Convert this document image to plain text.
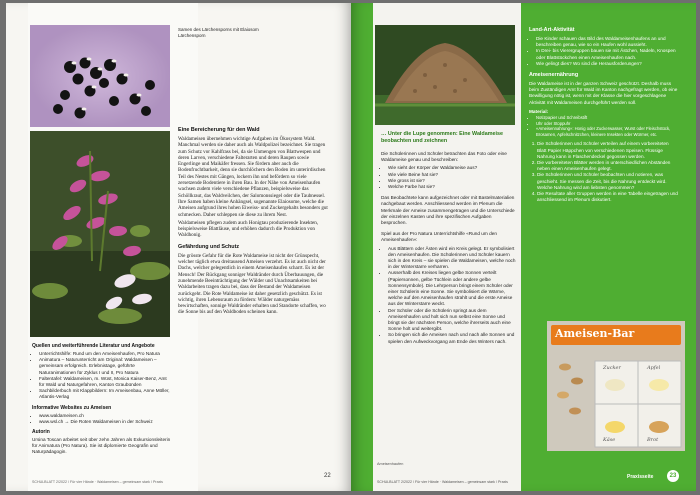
Samen des Lärchensporns mit Elaiosom
Lärchensporn
Eine Bereicherung für den Wald

Waldameisen übernehmen wichtige Aufgaben im Ökosystem Wald. Manchmal werden sie daher auch als Waldpolizei bezeichnet. Sie tragen zum Schutz vor Kahlfrass bei, da sie Unmengen von Blattwespen und deren Larven, verschiedene Falterarten und deren Raupen sowie Engerlinge und Maikäfer fressen. Sie fördern aber auch die Bodenfruchtbarkeit, denn sie durchlöchern den Boden im unterirdischen Teil des Nestes mit Gängen, lockern ihn und befördern so viele zersetzende Bodentiere in ihren Bau. In der Nähe von Ameisenhaufen wachsen zudem viele verschiedene Pflanzen, beispielsweise das Schöllkraut, das Waldveilchen, der Salomonssiegel oder die Taubnessel. Ihre Samen haben kleine Anhängsel, sogenannte Elaiosome, welche die Ameisen aufgrund ihres hohen Eiweiss- und Zuckergehalts besonders gut schmecken. Daher schleppen sie diese zu ihrem Nest.

Waldameisen pflegen zudem auch Honigtau produzierende Insekten, beispielsweise Blattläuse, und erhöhen dadurch die Produktion von Waldhonig.

Gefährdung und Schutz

Die grösste Gefahr für die Rote Waldameise ist nicht der Grünspecht, welcher täglich etwa dreitausend Ameisen verzehrt. Es ist auch nicht der Dachs, welcher gelegentlich in einem Ameisenhaufen scharrt. Es ist der Mensch! Der Rückgang sonniger Waldränder durch Überbauungen, die zunehmende Beeinträchtigung der Wälder und Unachtsamkeiten bei Waldarbeiten tragen dazu bei, dass der Bestand der Waldameisen zurückgeht. Die Rote Waldameise ist daher gesetzlich geschützt. Es ist wichtig, ihren Lebensraum zu fördern: Wälder naturgemäss bewirtschaften, sonnige Waldränder erhalten und Standorte schaffen, wo die Sonne bis auf den Waldboden scheinen kann.

Quellen und weiterführende Literatur und Angebote
• Unterrichtshilfe: Rund um den Ameisenhaufen, Pro Natura
• Animatura – Naturunterricht am Original: Waldameisen – gemeinsam erfolgreich. Erlebnistage, geführte Naturanimationen für Zyklus I und II, Pro Natura
• Faltentafel: Waldameisen, m. Wüst, Monica Kaiser-Benz, Amt für Wald und Naturgefahren, Kanton Graubünden
• Sachbilderbuch mit Klappbildern: Im Ameisenbau, Anne Möller, Atlantis-Verlag
Informative Websites zu Ameisen
• www.waldameisen.ch
• www.wsl.ch → Die Roten Waldameisen in der Schweiz
Autorin
Ursina Toscan arbeitet seit über zehn Jahren als Exkursionsleiterin für Animatura (Pro Natura). Sie ist diplomierte Geografin und Naturpädagogin.
SCHULBLATT 2/2022 / Für vier Hände · Waldameisen – gemeinsam stark / Praxis
22
… Unter die Lupe genommen: Eine Waldameise beobachten und zeichnen

Die Schülerinnen und Schüler betrachten das Foto oder eine Waldameise genau und beschreiben:

• Wie sieht der Körper der Waldameise aus?
• Wie viele Beine hat sie?
• Wie gross ist sie?
• Welche Farbe hat sie?

Das Beobachtete kann aufgezeichnet oder mit Bastelmaterialien nachgebaut werden. Anschliessend werden im Plenum die Merkmale der Ameise zusammengetragen und die Unterschiede der einzelnen Kasten und ihre spezifischen Aufgaben besprochen.

Spiel aus der Pro Natura Unterrichtshilfe «Rund um den Ameisenhaufen»:

• Aus Blättern oder Ästen wird ein Kreis gelegt. Er symbolisiert den Ameisenhaufen. Die Schülerinnen und Schüler kauern sich in den Kreis – sie spielen die Waldameisen, welche noch in der Winterstarre verharren.
• Ausserhalb des Kreises liegen gelbe Sonnen verteilt (Papiersonnen, gelbe Tüchlein oder andere gelbe Sonnensymbole). Die Lehrperson bringt einem Schüler oder einer Schülerin eine Sonne. Sie symbolisiert die Wärme, welche auf den Ameisenhaufen strahlt und die erste Ameise aus der Winterstarre weckt.
• Der Schüler oder die Schülerin springt aus dem Ameisenhaufen und holt sich nun selbst eine Sonne und bringt sie der nächsten Person, welche ihrerseits auch eine Sonne holt und weitergibt.
• So bringen sich die Ameisen nach und nach alle Sonnen und spielen den Aufweckvorgang am Ende des Winters nach.
Ameisenhaufen
SCHULBLATT 2/2022 / Für vier Hände · Waldameisen – gemeinsam stark / Praxis
Land-Art-Aktivität
• Die Kinder schauen das Bild des Waldameisenhaufens an und beschreiben genau, wie so ein Haufen wohl aussieht.
• In Drei- bis Vierergruppen bauen sie mit Ästchen, Nadeln, Knospen oder Blattstückchen einen Ameisenhaufen nach.
• Wie gelingt dies? Wo sind die Herausforderungen?
Ameisenernährung

Die Waldameise ist in der ganzen Schweiz geschützt. Deshalb muss beim Zuständigen Amt für Wald im Kanton nachgefragt werden, ob eine Bewilligung nötig ist, wenn mit der Klasse die hier vorgeschlagene Aktivität mit Waldameisen durchgeführt werden soll.

Material:
• Notizpapier und Schreibstift
• Uhr oder Stoppuhr
• «Ameisennahrung»: Honig oder Zuckerwasser, Wurst oder Fleischstück, Brosamen, Apfelschnitzchen, kleinere Insekten oder Würmer, etc.
1. Die Schülerinnen und Schüler verteilen auf einem vorbereiteten Blatt Papier Häppchen von verschiedenen Speisen. Flüssige Nahrung kann in Flaschendeckel gegossen werden.
2. Die vorbereiteten Blätter werden in unterschiedlichen Abständen neben einen Ameisenhaufen gelegt.
3. Die Schülerinnen und Schüler beobachten und notieren, was geschieht. Sie messen die Zeit, bis die Nahrung entdeckt wird. Welche Nahrung wird am liebsten genommen?
4. Die Resultate aller Gruppen werden in eine Tabelle eingetragen und anschliessend im Plenum diskutiert.
Ameisen-Bar
Zucker	Apfel
Käse	Brot
Praxisseite	23
